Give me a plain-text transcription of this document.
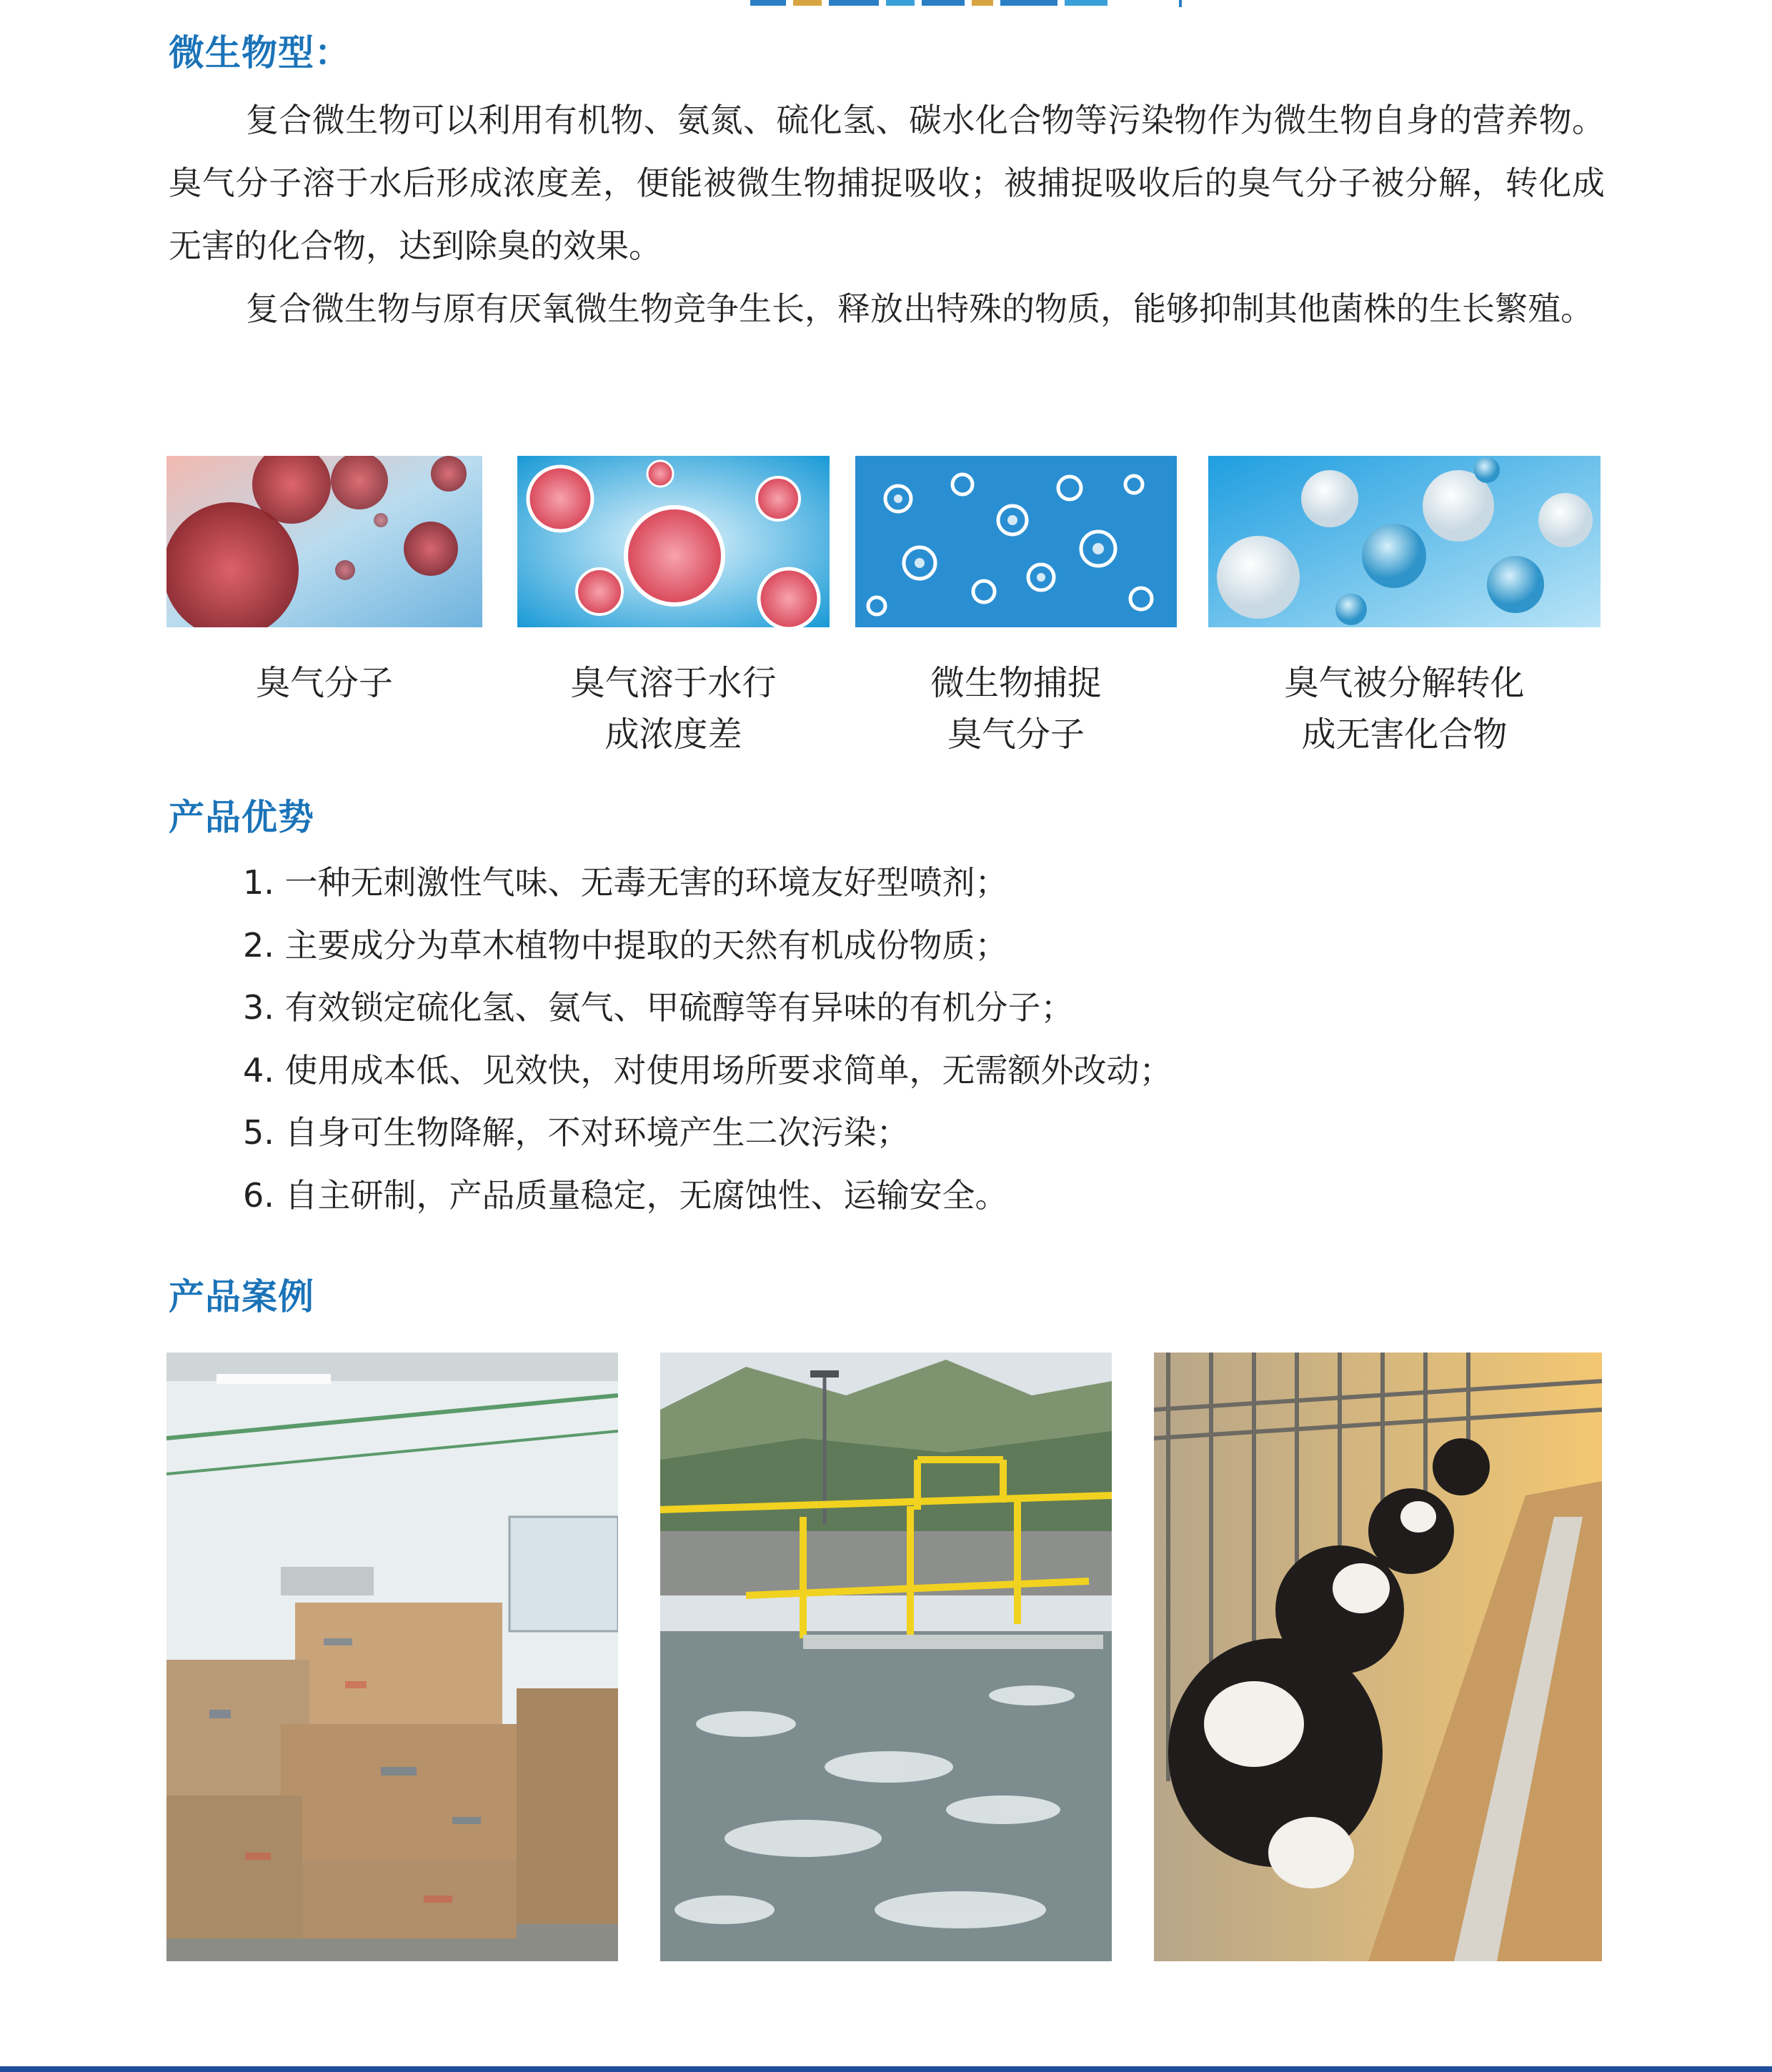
微生物型：

复合微生物可以利用有机物、氨氮、硫化氢、碳水化合物等污染物作为微生物自身的营养物。臭气分子溶于水后形成浓度差，便能被微生物捕捉吸收；被捕捉吸收后的臭气分子被分解，转化成无害的化合物，达到除臭的效果。

复合微生物与原有厌氧微生物竞争生长，释放出特殊的物质，能够抑制其他菌株的生长繁殖。

臭气分子	臭气溶于水行
成浓度差
微生物捕捉
臭气分子
臭气被分解转化
成无害化合物
产品优势
1. 一种无刺激性气味、无毒无害的环境友好型喷剂；
2. 主要成分为草木植物中提取的天然有机成份物质；
3. 有效锁定硫化氢、氨气、甲硫醇等有异味的有机分子；
4. 使用成本低、见效快，对使用场所要求简单，无需额外改动；
5. 自身可生物降解，不对环境产生二次污染；
6. 自主研制，产品质量稳定，无腐蚀性、运输安全。
产品案例
